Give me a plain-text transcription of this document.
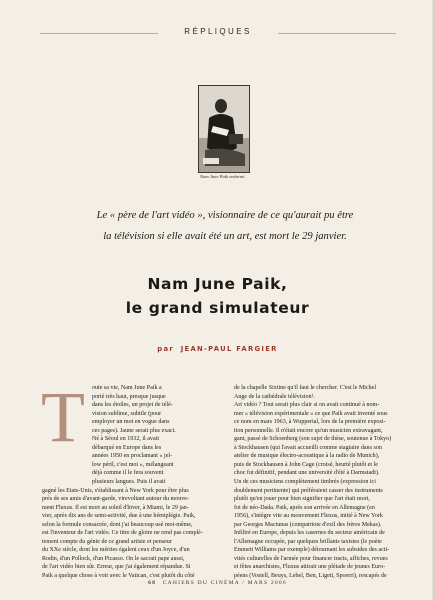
RÉPLIQUES
Nam June Paik endormi.

Le « père de l'art vidéo », visionnaire de ce qu'aurait pu être

la télévision si elle avait été un art, est mort le 29 janvier.

Nam June Paik,
le grand simulateur
par JEAN-PAUL FARGIER
T	oute sa vie, Nam June Paik a
porté très haut, presque jusque
dans les étoiles, un projet de télé-
vision sublime, subtile (pour
employer un mot en vogue dans
ces pages). Jaune serait plus exact.
Né à Séoul en 1932, il avait
débarqué en Europe dans les
années 1950 en proclamant « jel-
low péril, c'est moi », mélangeant
déjà comme il le fera souvent
plusieurs langues. Puis il avait
gagné les Etats-Unis, s'établissant à New York pour être plus
près de ses amis d'avant-garde, virevoltant autour du mouve-
ment Fluxus. Il est mort au soleil d'hiver, à Miami, le 29 jan-
vier, après dix ans de semi-activité, due à une hémiplégie. Paik,
selon la formule consacrée, dont j'ai beaucoup usé moi-même,
est l'inventeur de l'art vidéo. Ce titre de gloire ne rend pas complè-
tement compte du génie de ce grand artiste et penseur
du XXe siècle, dont les mérites égalent ceux d'un Joyce, d'un
Rodin, d'un Pollock, d'un Picasso. On le sacrait pape aussi,
de l'art vidéo bien sûr. Erreur, que j'ai également répandue. Si
Paik a quelque chose à voir avec le Vatican, c'est plutôt du côté
de la chapelle Sixtine qu'il faut le chercher. C'est le Michel
Ange de la cathédrale télévision¹.
Art vidéo ? Tout serait plus clair si on avait continué à nom-
mer « télévision expérimentale » ce que Paik avait inventé sous
ce nom en mars 1963, à Wuppertal, lors de la première exposi-
tion personnelle. Il n'était encore qu'un musicien extravagant,
gant, passé de Schoenberg (son sujet de thèse, soutenue à Tokyo)
à Stockhausen (qui l'avait accueilli comme stagiaire dans son
atelier de musique électro-acoustique à la radio de Munich),
puis de Stockhausen à John Cage (croisé, heurté plutôt et le
choc fut définitif, pendant une université d'été à Darmstadt).
Un de ces musiciens complètement timbrés (expression ici
doublement pertinente) qui préféraient casser des instruments
plutôt qu'en jouer pour bien signifier que l'art était mort,
foi de néo-Dada. Paik, après son arrivée en Allemagne (en
1956), s'intègre vite au mouvement Fluxus, initié à New York
par Georges Maciunas (compatriote d'exil des frères Mekas).
Infiltré en Europe, depuis les casernes du secteur américain de
l'Allemagne occupée, par quelques brillants taxistes (le poète
Emmett Williams par exemple) détournant les subsides des acti-
vités culturelles de l'armée pour financer tracts, affiches, revues
et fêtes anarchistes, Fluxus attirait une pléiade de jeunes Euro-
péens (Vostell, Beuys, Lebel, Ben, Ligeti, Spoerri), rescapés de
68 CAHIERS DU CINÉMA / MARS 2006
